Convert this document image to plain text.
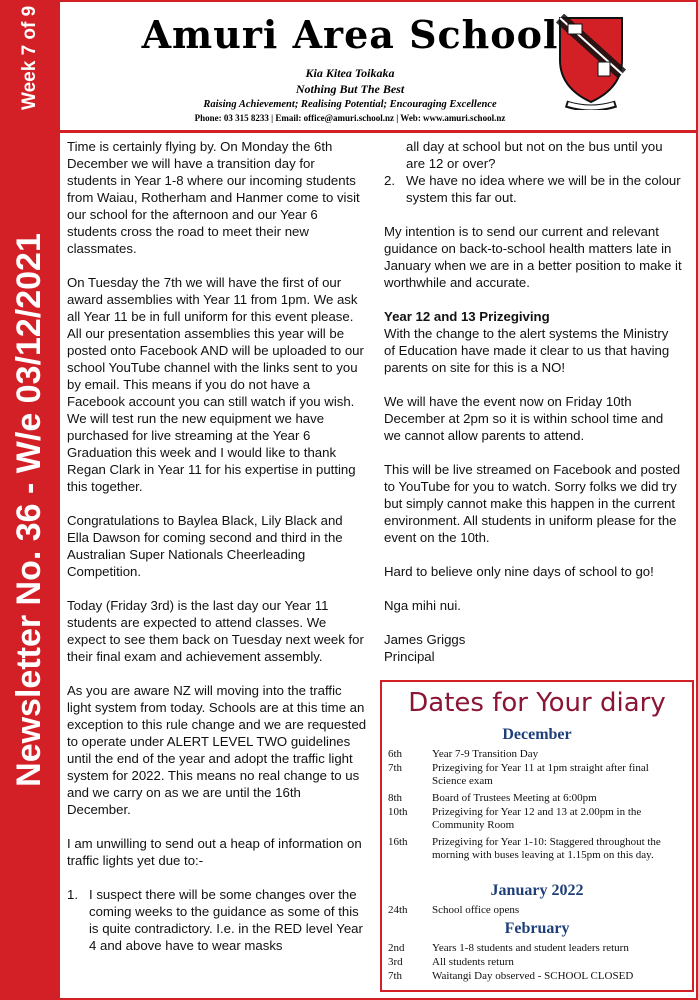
Week 7 of 9
Newsletter No. 36 - W/e 03/12/2021
Amuri Area School
Kia Kitea Toikaka
Nothing But The Best
Raising Achievement; Realising Potential; Encouraging Excellence
Phone: 03 315 8233 | Email: office@amuri.school.nz | Web: www.amuri.school.nz

Time is certainly flying by. On Monday the 6th December we will have a transition day for students in Year 1-8 where our incoming students from Waiau, Rotherham and Hanmer come to visit our school for the afternoon and our Year 6 students cross the road to meet their new classmates.

On Tuesday the 7th we will have the first of our award assemblies with Year 11 from 1pm. We ask all Year 11 be in full uniform for this event please. All our presentation assemblies this year will be posted onto Facebook AND will be uploaded to our school YouTube channel with the links sent to you by email. This means if you do not have a Facebook account you can still watch if you wish. We will test run the new equipment we have purchased for live streaming at the Year 6 Graduation this week and I would like to thank Regan Clark in Year 11 for his expertise in putting this together.

Congratulations to Baylea Black, Lily Black and Ella Dawson for coming second and third in the Australian Super Nationals Cheerleading Competition.

Today (Friday 3rd) is the last day our Year 11 students are expected to attend classes. We expect to see them back on Tuesday next week for their final exam and achievement assembly.

As you are aware NZ will moving into the traffic light system from today. Schools are at this time an exception to this rule change and we are requested to operate under ALERT LEVEL TWO guidelines until the end of the year and adopt the traffic light system for 2022. This means no real change to us and we carry on as we are until the 16th December.

I am unwilling to send out a heap of information on traffic lights yet due to:-

1. I suspect there will be some changes over the coming weeks to the guidance as some of this is quite contradictory. I.e. in the RED level Year 4 and above have to wear masks
all day at school but not on the bus until you are 12 or over?
2. We have no idea where we will be in the colour system this far out.

My intention is to send our current and relevant guidance on back-to-school health matters late in January when we are in a better position to make it worthwhile and accurate.

Year 12 and 13 Prizegiving

With the change to the alert systems the Ministry of Education have made it clear to us that having parents on site for this is a NO!

We will have the event now on Friday 10th December at 2pm so it is within school time and we cannot allow parents to attend.

This will be live streamed on Facebook and posted to YouTube for you to watch. Sorry folks we did try but simply cannot make this happen in the current environment. All students in uniform please for the event on the 10th.

Hard to believe only nine days of school to go!

Nga mihi nui.

James Griggs
Principal
Dates for Your diary
December
6th	Year 7-9 Transition Day
7th	Prizegiving for Year 11 at 1pm straight after final Science exam
8th	Board of Trustees Meeting at 6:00pm
10th	Prizegiving for Year 12 and 13 at 2.00pm in the Community Room
16th	Prizegiving for Year 1-10: Staggered throughout the morning with buses leaving at 1.15pm on this day.
January 2022
24th	School office opens
February
2nd	Years 1-8 students and student leaders return
3rd	All students return
7th	Waitangi Day observed - SCHOOL CLOSED
